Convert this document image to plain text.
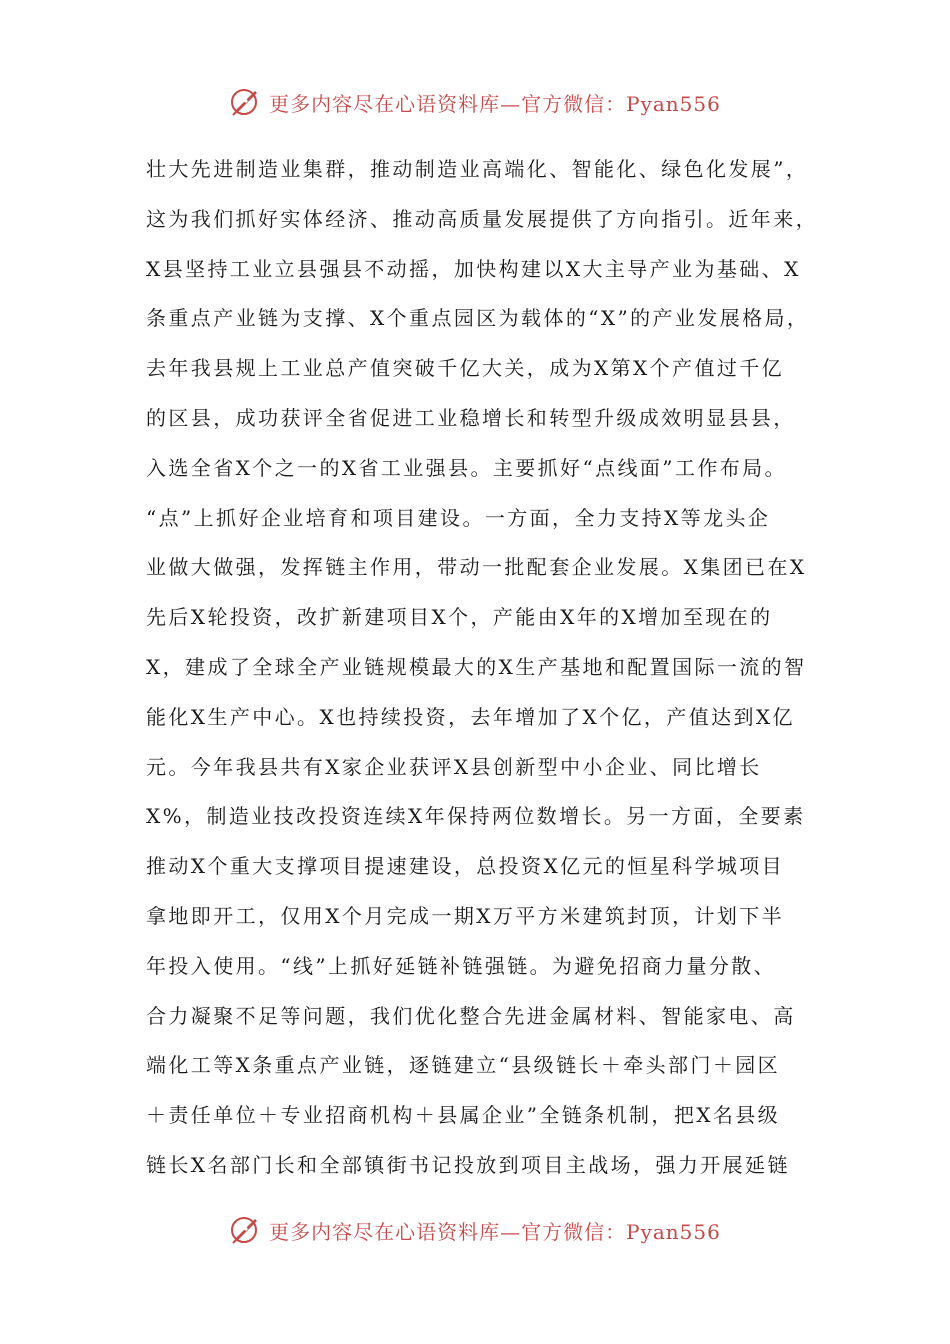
更多内容尽在心语资料库—官方微信：Pyan556
壮大先进制造业集群，推动制造业高端化、智能化、绿色化发展”，
这为我们抓好实体经济、推动高质量发展提供了方向指引。近年来，
X县坚持工业立县强县不动摇，加快构建以X大主导产业为基础、X
条重点产业链为支撑、X个重点园区为载体的“X”的产业发展格局，
去年我县规上工业总产值突破千亿大关，成为X第X个产值过千亿
的区县，成功获评全省促进工业稳增长和转型升级成效明显县县，
入选全省X个之一的X省工业强县。主要抓好“点线面”工作布局。
“点”上抓好企业培育和项目建设。一方面，全力支持X等龙头企
业做大做强，发挥链主作用，带动一批配套企业发展。X集团已在X
先后X轮投资，改扩新建项目X个，产能由X年的X增加至现在的
X，建成了全球全产业链规模最大的X生产基地和配置国际一流的智
能化X生产中心。X也持续投资，去年增加了X个亿，产值达到X亿
元。今年我县共有X家企业获评X县创新型中小企业、同比增长
X%，制造业技改投资连续X年保持两位数增长。另一方面，全要素
推动X个重大支撑项目提速建设，总投资X亿元的恒星科学城项目
拿地即开工，仅用X个月完成一期X万平方米建筑封顶，计划下半
年投入使用。“线”上抓好延链补链强链。为避免招商力量分散、
合力凝聚不足等问题，我们优化整合先进金属材料、智能家电、高
端化工等X条重点产业链，逐链建立“县级链长＋牵头部门＋园区
＋责任单位＋专业招商机构＋县属企业”全链条机制，把X名县级
链长X名部门长和全部镇街书记投放到项目主战场，强力开展延链
更多内容尽在心语资料库—官方微信：Pyan556
